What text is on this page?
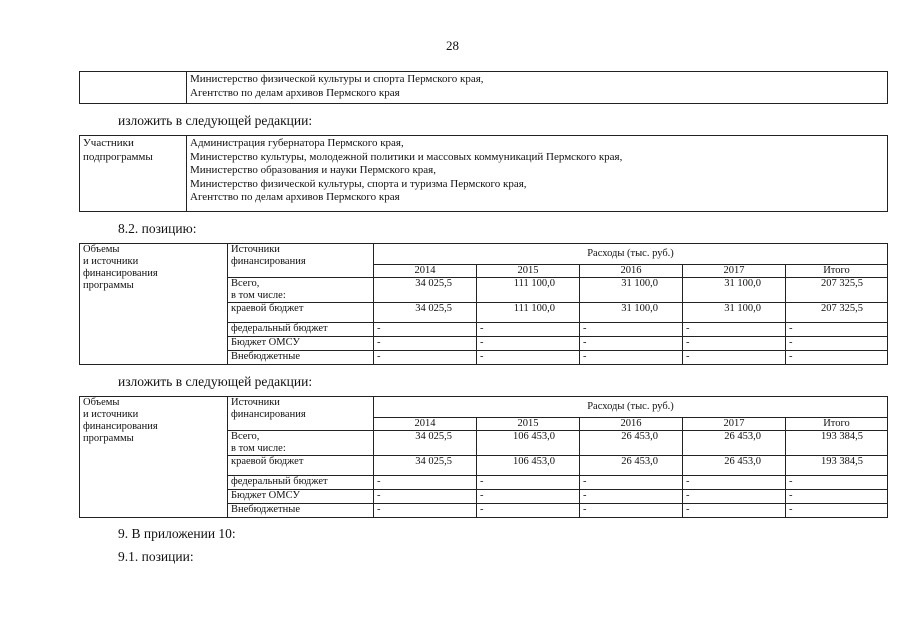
28

Министерство физической культуры и спорта Пермского края,
Агентство по делам архивов Пермского края
изложить в следующей редакции:
Участники
подпрограммы

Администрация губернатора Пермского края,
Министерство культуры, молодежной политики и массовых коммуникаций Пермского края,
Министерство образования и науки Пермского края,
Министерство физической культуры, спорта и туризма Пермского края,
Агентство по делам архивов Пермского края
8.2. позицию:
Объемы
и источники
финансирования
программы	Источники
финансирования	Расходы (тыс. руб.)				
		2014	2015	2016	2017	Итого

	Всего,
в том числе:	34 025,5	111 100,0	31 100,0	31 100,0	207 325,5
	краевой бюджет	34 025,5	111 100,0	31 100,0	31 100,0	207 325,5
	федеральный бюджет	-	-	-	-	-
	Бюджет ОМСУ	-	-	-	-	-
	Внебюджетные	-	-	-	-	-
изложить в следующей редакции:
Объемы
и источники
финансирования
программы	Источники
финансирования	Расходы (тыс. руб.)				
		2014	2015	2016	2017	Итого

	Всего,
в том числе:	34 025,5	106 453,0	26 453,0	26 453,0	193 384,5
	краевой бюджет	34 025,5	106 453,0	26 453,0	26 453,0	193 384,5
	федеральный бюджет	-	-	-	-	-
	Бюджет ОМСУ	-	-	-	-	-
	Внебюджетные	-	-	-	-	-
9. В приложении 10:
9.1. позиции:
